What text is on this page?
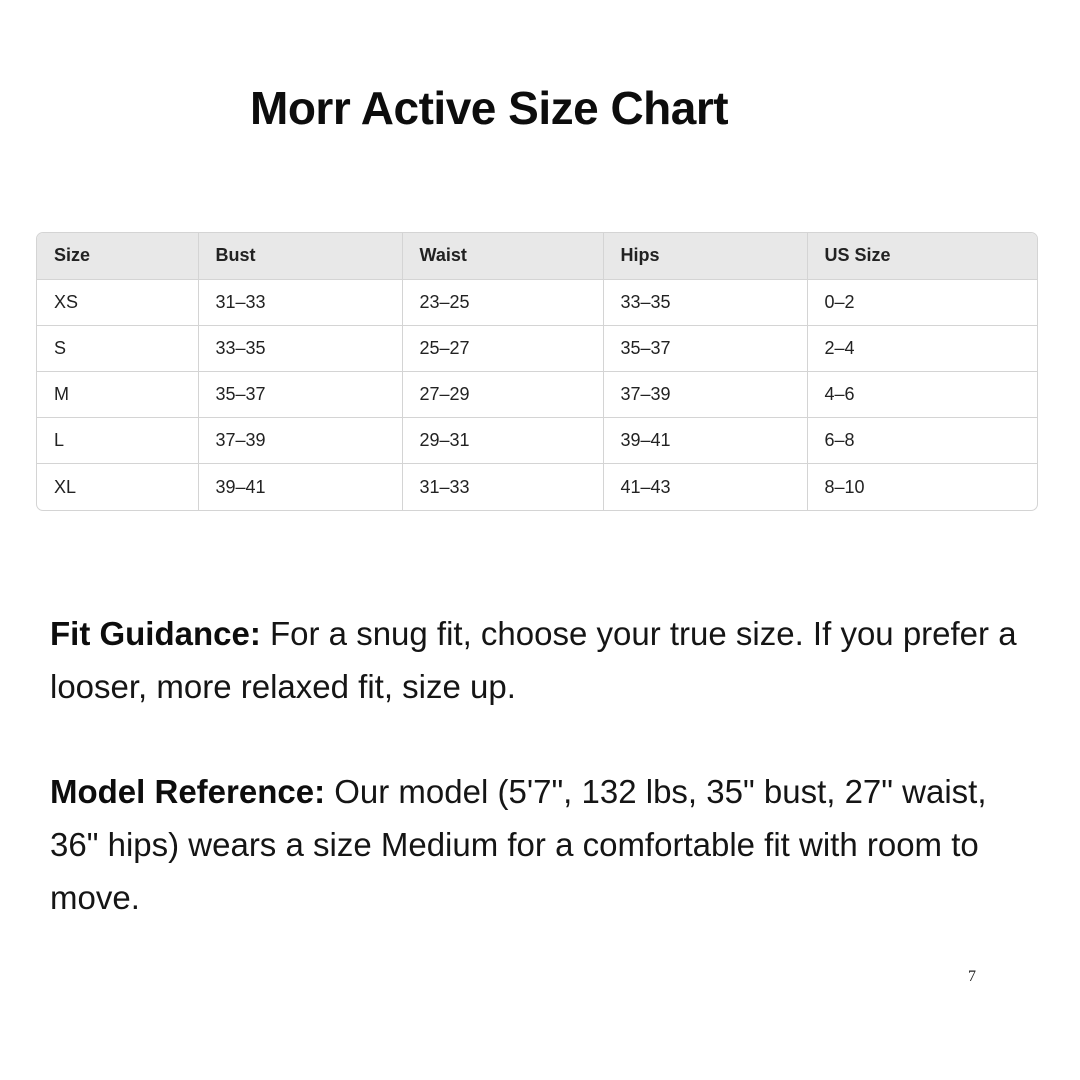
Morr Active Size Chart
Size	Bust	Waist	Hips	US Size
XS	31–33	23–25	33–35	0–2
S	33–35	25–27	35–37	2–4
M	35–37	27–29	37–39	4–6
L	37–39	29–31	39–41	6–8
XL	39–41	31–33	41–43	8–10

Fit Guidance: For a snug fit, choose your true size. If you prefer a looser, more relaxed fit, size up.

Model Reference: Our model (5'7", 132 lbs, 35" bust, 27" waist, 36" hips) wears a size Medium for a comfortable fit with room to move.

7
